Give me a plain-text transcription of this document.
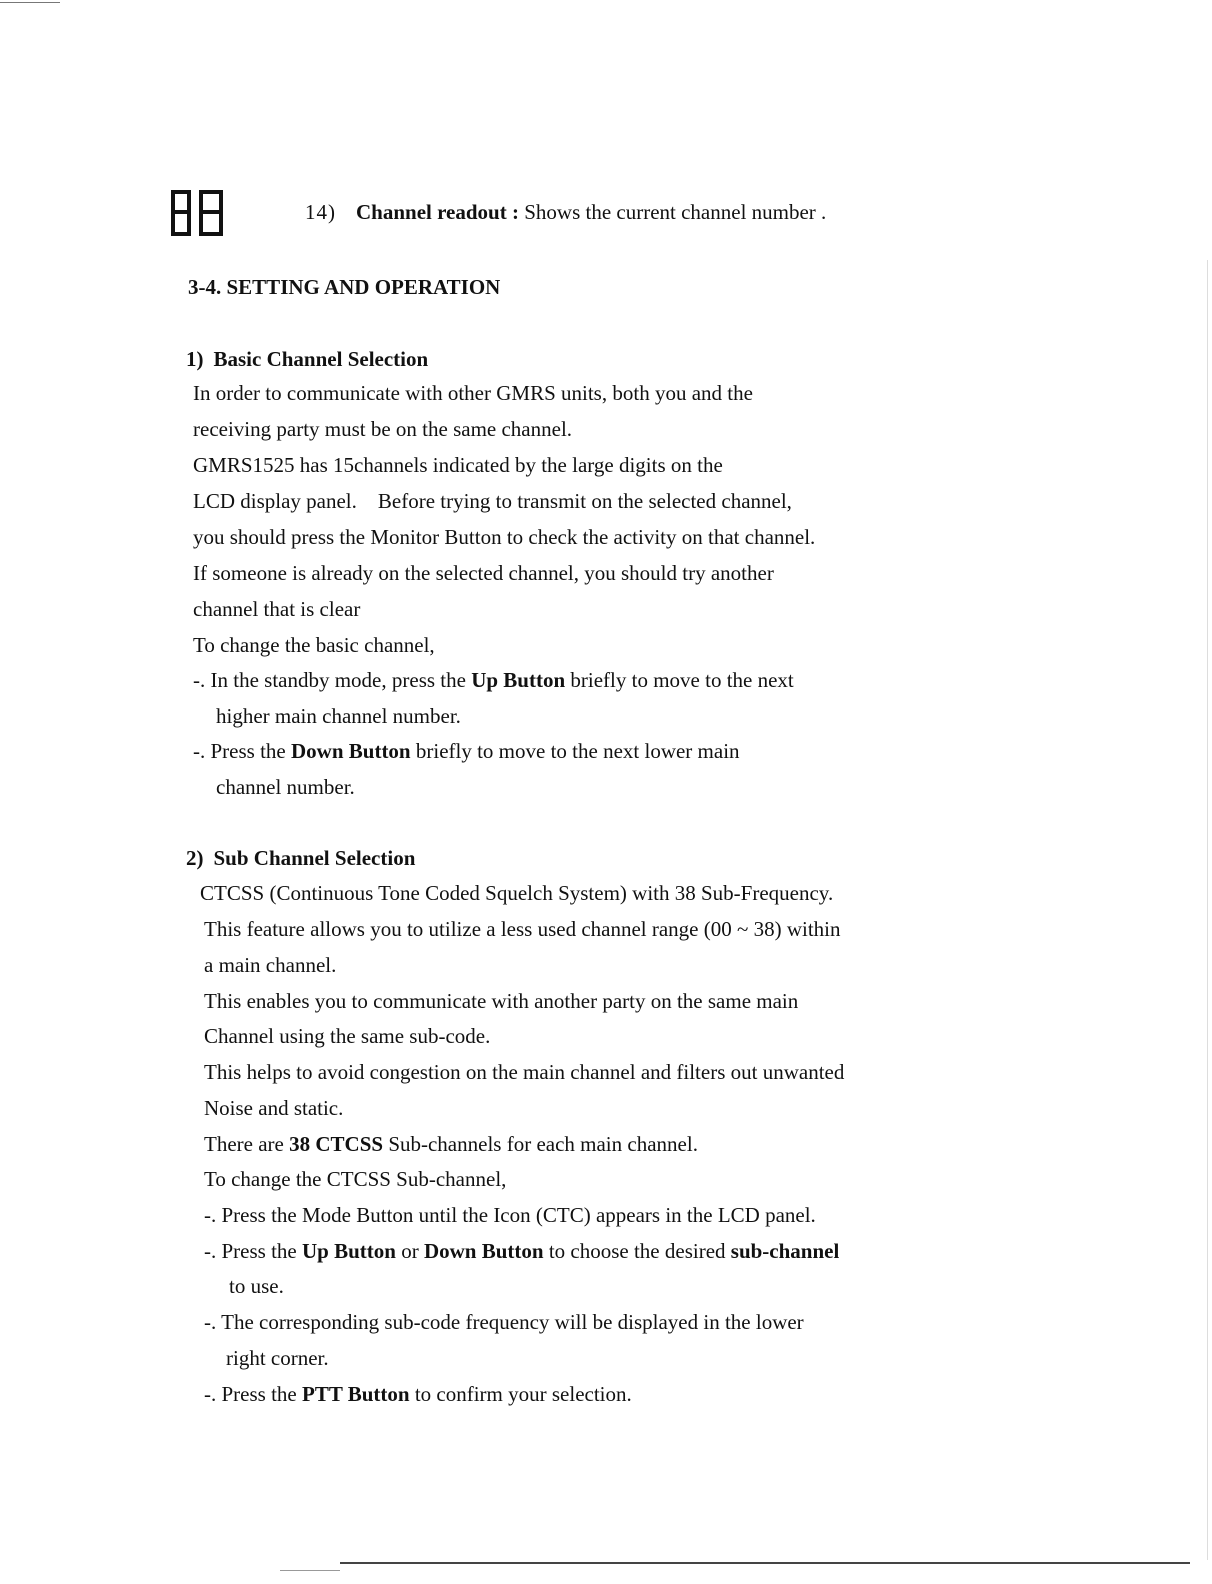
14) Channel readout : Shows the current channel number .
3-4. SETTING AND OPERATION
1) Basic Channel Selection
In order to communicate with other GMRS units, both you and the
receiving party must be on the same channel.
GMRS1525 has 15channels indicated by the large digits on the
LCD display panel.    Before trying to transmit on the selected channel,
you should press the Monitor Button to check the activity on that channel.
If someone is already on the selected channel, you should try another
channel that is clear
To change the basic channel,
-. In the standby mode, press the Up Button briefly to move to the next
higher main channel number.
-. Press the Down Button briefly to move to the next lower main
channel number.
2) Sub Channel Selection
CTCSS (Continuous Tone Coded Squelch System) with 38 Sub-Frequency.
This feature allows you to utilize a less used channel range (00 ~ 38) within
a main channel.
This enables you to communicate with another party on the same main
Channel using the same sub-code.
This helps to avoid congestion on the main channel and filters out unwanted
Noise and static.
There are 38 CTCSS Sub-channels for each main channel.
To change the CTCSS Sub-channel,
-. Press the Mode Button until the Icon (CTC) appears in the LCD panel.
-. Press the Up Button or Down Button to choose the desired sub-channel
to use.
-. The corresponding sub-code frequency will be displayed in the lower
right corner.
-. Press the PTT Button to confirm your selection.
